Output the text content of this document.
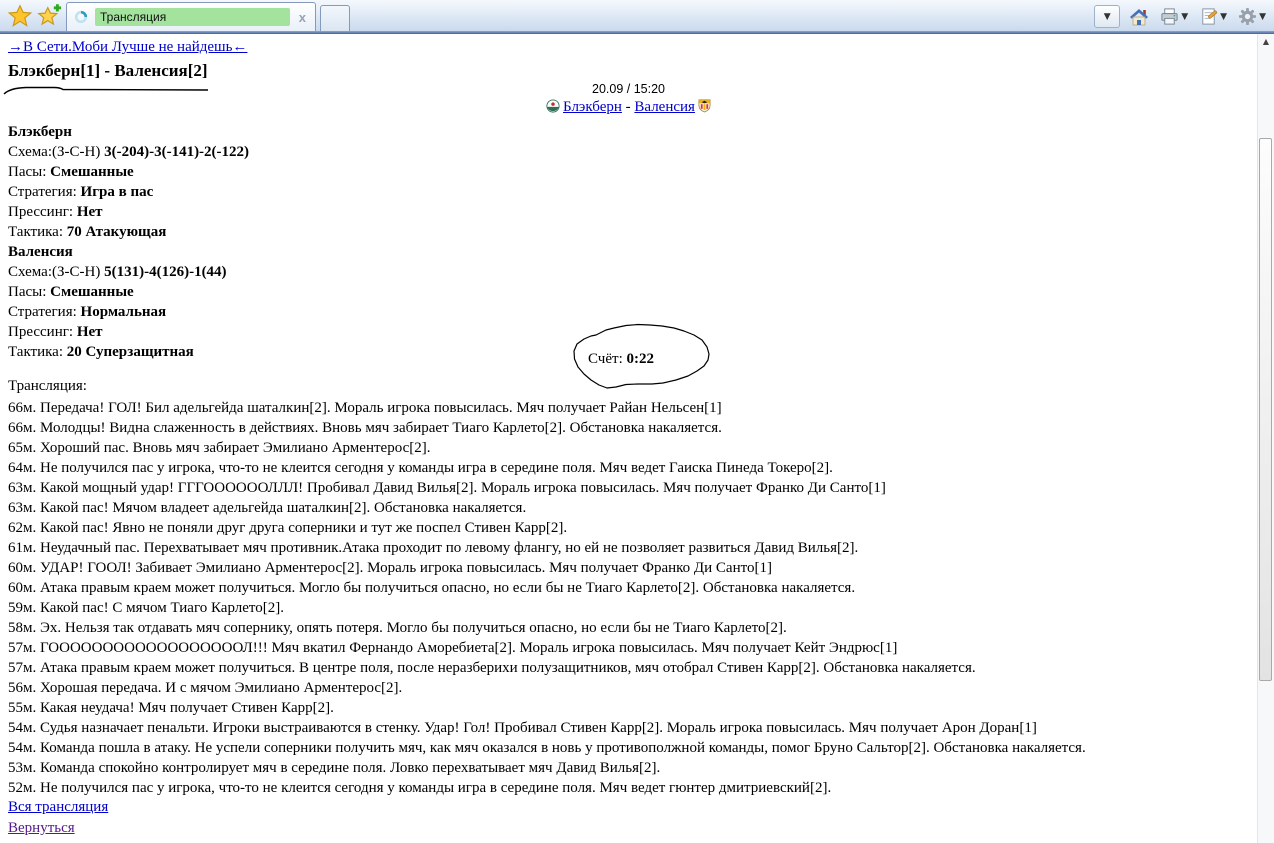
Трансляция	x	▼	▼	▼	▼
→В Сети.Моби Лучше не найдешь←
Блэкберн[1] - Валенсия[2]
20.09 / 15:20
Блэкберн - Валенсия
Блэкберн
Схема:(З-С-Н) 3(-204)-3(-141)-2(-122)
Пасы: Смешанные
Стратегия: Игра в пас
Прессинг: Нет
Тактика: 70 Атакующая
Валенсия
Схема:(З-С-Н) 5(131)-4(126)-1(44)
Пасы: Смешанные
Стратегия: Нормальная
Прессинг: Нет
Тактика: 20 Суперзащитная	Счёт: 0:22
Трансляция:
66м. Передача! ГОЛ! Бил адельгейда шаталкин[2]. Мораль игрока повысилась. Мяч получает Райан Нельсен[1]
66м. Молодцы! Видна слаженность в действиях. Вновь мяч забирает Тиаго Карлето[2]. Обстановка накаляется.
65м. Хороший пас. Вновь мяч забирает Эмилиано Арментерос[2].
64м. Не получился пас у игрока, что-то не клеится сегодня у команды игра в середине поля. Мяч ведет Гаиска Пинеда Токеро[2].
63м. Какой мощный удар! ГГГООООООЛЛЛ! Пробивал Давид Вилья[2]. Мораль игрока повысилась. Мяч получает Франко Ди Санто[1]
63м. Какой пас! Мячом владеет адельгейда шаталкин[2]. Обстановка накаляется.
62м. Какой пас! Явно не поняли друг друга соперники и тут же поспел Стивен Карр[2].
61м. Неудачный пас. Перехватывает мяч противник.Атака проходит по левому флангу, но ей не позволяет развиться Давид Вилья[2].
60м. УДАР! ГООЛ! Забивает Эмилиано Арментерос[2]. Мораль игрока повысилась. Мяч получает Франко Ди Санто[1]
60м. Атака правым краем может получиться. Могло бы получиться опасно, но если бы не Тиаго Карлето[2]. Обстановка накаляется.
59м. Какой пас! С мячом Тиаго Карлето[2].
58м. Эх. Нельзя так отдавать мяч сопернику, опять потеря. Могло бы получиться опасно, но если бы не Тиаго Карлето[2].
57м. ГООООООООООООООООООЛ!!! Мяч вкатил Фернандо Аморебиета[2]. Мораль игрока повысилась. Мяч получает Кейт Эндрюс[1]
57м. Атака правым краем может получиться. В центре поля, после неразберихи полузащитников, мяч отобрал Стивен Карр[2]. Обстановка накаляется.
56м. Хорошая передача. И с мячом Эмилиано Арментерос[2].
55м. Какая неудача! Мяч получает Стивен Карр[2].
54м. Судья назначает пенальти. Игроки выстраиваются в стенку. Удар! Гол! Пробивал Стивен Карр[2]. Мораль игрока повысилась. Мяч получает Арон Доран[1]
54м. Команда пошла в атаку. Не успели соперники получить мяч, как мяч оказался в новь у противополжной команды, помог Бруно Сальтор[2]. Обстановка накаляется.
53м. Команда спокойно контролирует мяч в середине поля. Ловко перехватывает мяч Давид Вилья[2].
52м. Не получился пас у игрока, что-то не клеится сегодня у команды игра в середине поля. Мяч ведет гюнтер дмитриевский[2].
Вся трансляция
Вернуться
▲
